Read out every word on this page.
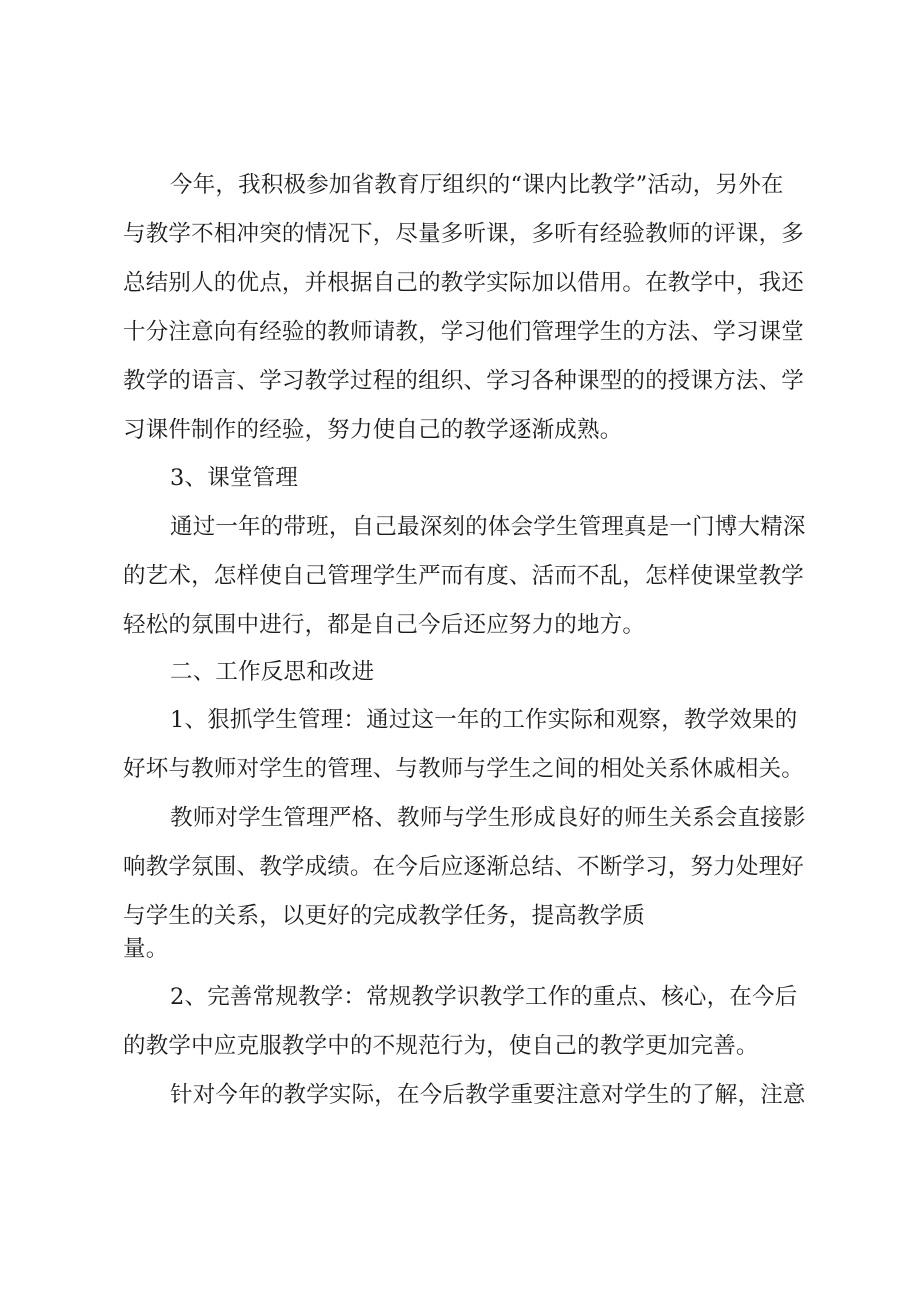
今年，我积极参加省教育厅组织的“课内比教学”活动，另外在
与教学不相冲突的情况下，尽量多听课，多听有经验教师的评课，多
总结别人的优点，并根据自己的教学实际加以借用。在教学中，我还
十分注意向有经验的教师请教，学习他们管理学生的方法、学习课堂
教学的语言、学习教学过程的组织、学习各种课型的的授课方法、学
习课件制作的经验，努力使自己的教学逐渐成熟。
3、课堂管理
通过一年的带班，自己最深刻的体会学生管理真是一门博大精深
的艺术，怎样使自己管理学生严而有度、活而不乱，怎样使课堂教学
轻松的氛围中进行，都是自己今后还应努力的地方。
二、工作反思和改进
1、狠抓学生管理：通过这一年的工作实际和观察，教学效果的
好坏与教师对学生的管理、与教师与学生之间的相处关系休戚相关。
教师对学生管理严格、教师与学生形成良好的师生关系会直接影
响教学氛围、教学成绩。在今后应逐渐总结、不断学习，努力处理好
与学生的关系，以更好的完成教学任务，提高教学质
量。
2、完善常规教学：常规教学识教学工作的重点、核心，在今后
的教学中应克服教学中的不规范行为，使自己的教学更加完善。
针对今年的教学实际，在今后教学重要注意对学生的了解，注意
